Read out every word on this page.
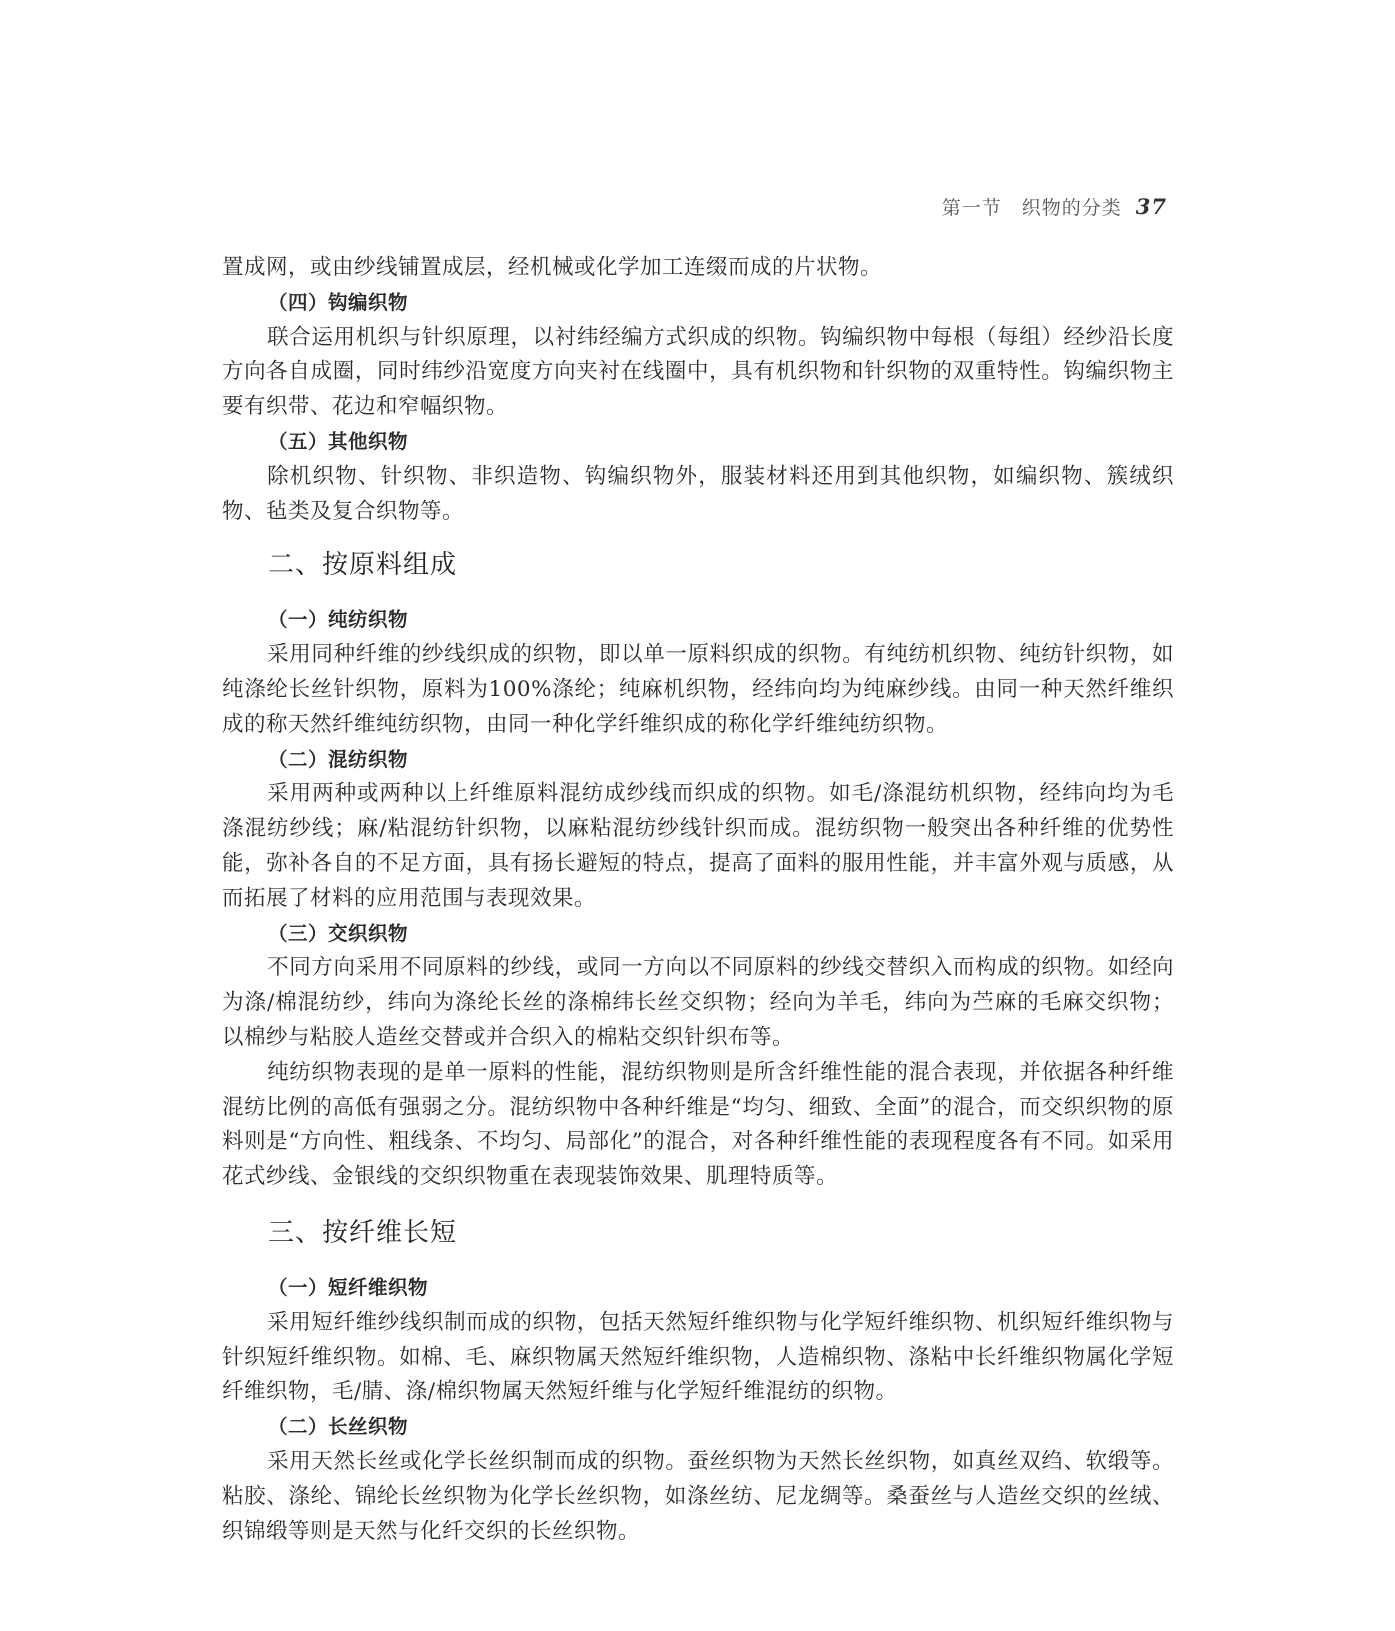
第一节　织物的分类 37

置成网，或由纱线铺置成层，经机械或化学加工连缀而成的片状物。

（四）钩编织物

联合运用机织与针织原理，以衬纬经编方式织成的织物。钩编织物中每根（每组）经纱沿长度方向各自成圈，同时纬纱沿宽度方向夹衬在线圈中，具有机织物和针织物的双重特性。钩编织物主要有织带、花边和窄幅织物。

（五）其他织物

除机织物、针织物、非织造物、钩编织物外，服装材料还用到其他织物，如编织物、簇绒织物、毡类及复合织物等。

二、按原料组成
（一）纯纺织物

采用同种纤维的纱线织成的织物，即以单一原料织成的织物。有纯纺机织物、纯纺针织物，如纯涤纶长丝针织物，原料为100%涤纶；纯麻机织物，经纬向均为纯麻纱线。由同一种天然纤维织成的称天然纤维纯纺织物，由同一种化学纤维织成的称化学纤维纯纺织物。

（二）混纺织物

采用两种或两种以上纤维原料混纺成纱线而织成的织物。如毛/涤混纺机织物，经纬向均为毛涤混纺纱线；麻/粘混纺针织物，以麻粘混纺纱线针织而成。混纺织物一般突出各种纤维的优势性能，弥补各自的不足方面，具有扬长避短的特点，提高了面料的服用性能，并丰富外观与质感，从而拓展了材料的应用范围与表现效果。

（三）交织织物

不同方向采用不同原料的纱线，或同一方向以不同原料的纱线交替织入而构成的织物。如经向为涤/棉混纺纱，纬向为涤纶长丝的涤棉纬长丝交织物；经向为羊毛，纬向为苎麻的毛麻交织物；以棉纱与粘胶人造丝交替或并合织入的棉粘交织针织布等。

纯纺织物表现的是单一原料的性能，混纺织物则是所含纤维性能的混合表现，并依据各种纤维混纺比例的高低有强弱之分。混纺织物中各种纤维是“均匀、细致、全面”的混合，而交织织物的原料则是“方向性、粗线条、不均匀、局部化”的混合，对各种纤维性能的表现程度各有不同。如采用花式纱线、金银线的交织织物重在表现装饰效果、肌理特质等。

三、按纤维长短
（一）短纤维织物

采用短纤维纱线织制而成的织物，包括天然短纤维织物与化学短纤维织物、机织短纤维织物与针织短纤维织物。如棉、毛、麻织物属天然短纤维织物，人造棉织物、涤粘中长纤维织物属化学短纤维织物，毛/腈、涤/棉织物属天然短纤维与化学短纤维混纺的织物。

（二）长丝织物

采用天然长丝或化学长丝织制而成的织物。蚕丝织物为天然长丝织物，如真丝双绉、软缎等。粘胶、涤纶、锦纶长丝织物为化学长丝织物，如涤丝纺、尼龙绸等。桑蚕丝与人造丝交织的丝绒、织锦缎等则是天然与化纤交织的长丝织物。
